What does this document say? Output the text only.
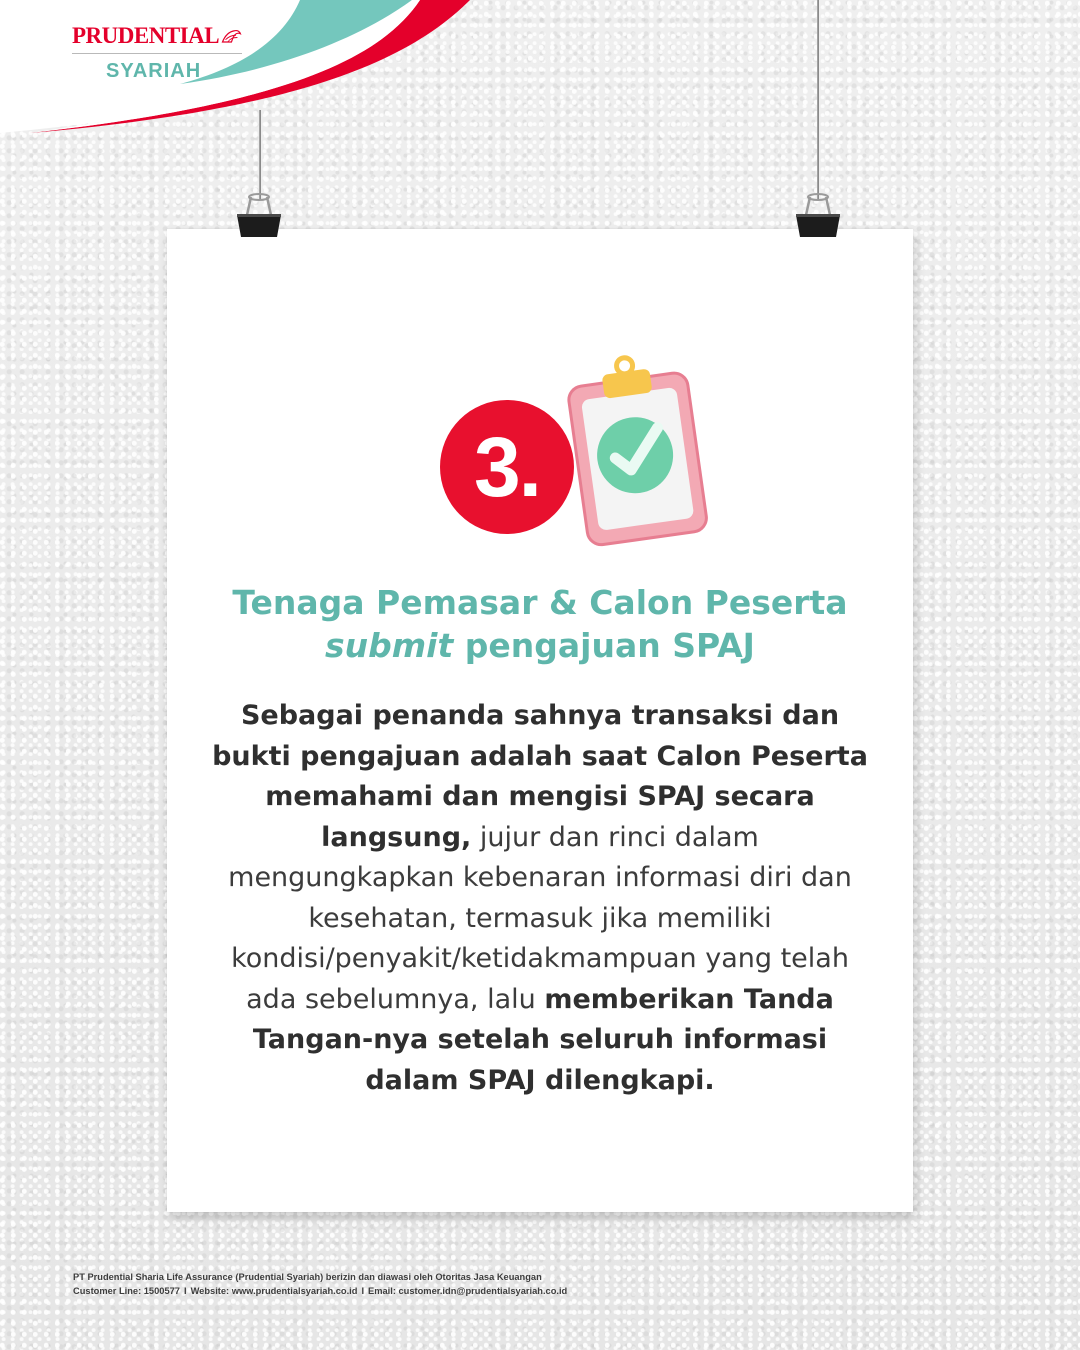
PRUDENTIAL
SYARIAH
3.
Tenaga Pemasar & Calon Peserta
submit pengajuan SPAJ
Sebagai penanda sahnya transaksi dan bukti pengajuan adalah saat Calon Peserta memahami dan mengisi SPAJ secara langsung, jujur dan rinci dalam mengungkapkan kebenaran informasi diri dan kesehatan, termasuk jika memiliki kondisi/penyakit/ketidakmampuan yang telah ada sebelumnya, lalu memberikan Tanda Tangan-nya setelah seluruh informasi dalam SPAJ dilengkapi.
PT Prudential Sharia Life Assurance (Prudential Syariah) berizin dan diawasi oleh Otoritas Jasa Keuangan
Customer Line: 1500577 I Website: www.prudentialsyariah.co.id I Email: customer.idn@prudentialsyariah.co.id
